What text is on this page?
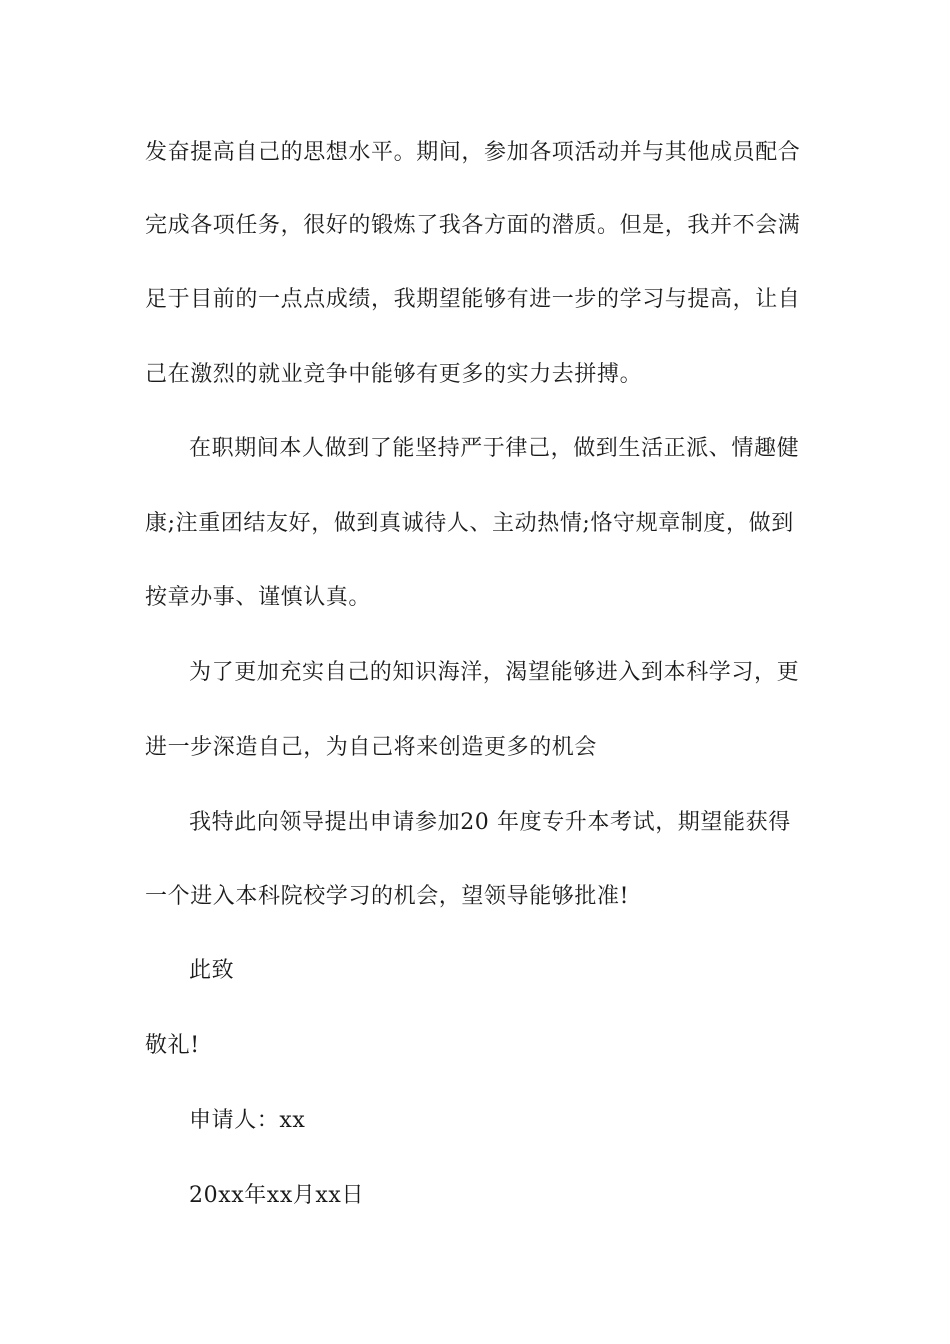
发奋提高自己的思想水平。期间，参加各项活动并与其他成员配合
完成各项任务，很好的锻炼了我各方面的潜质。但是，我并不会满
足于目前的一点点成绩，我期望能够有进一步的学习与提高，让自
己在激烈的就业竞争中能够有更多的实力去拼搏。
在职期间本人做到了能坚持严于律己，做到生活正派、情趣健
康;注重团结友好，做到真诚待人、主动热情;恪守规章制度，做到
按章办事、谨慎认真。
为了更加充实自己的知识海洋，渴望能够进入到本科学习，更
进一步深造自己，为自己将来创造更多的机会
我特此向领导提出申请参加20 年度专升本考试，期望能获得
一个进入本科院校学习的机会，望领导能够批准!
此致
敬礼!
申请人：xx
20xx年xx月xx日
